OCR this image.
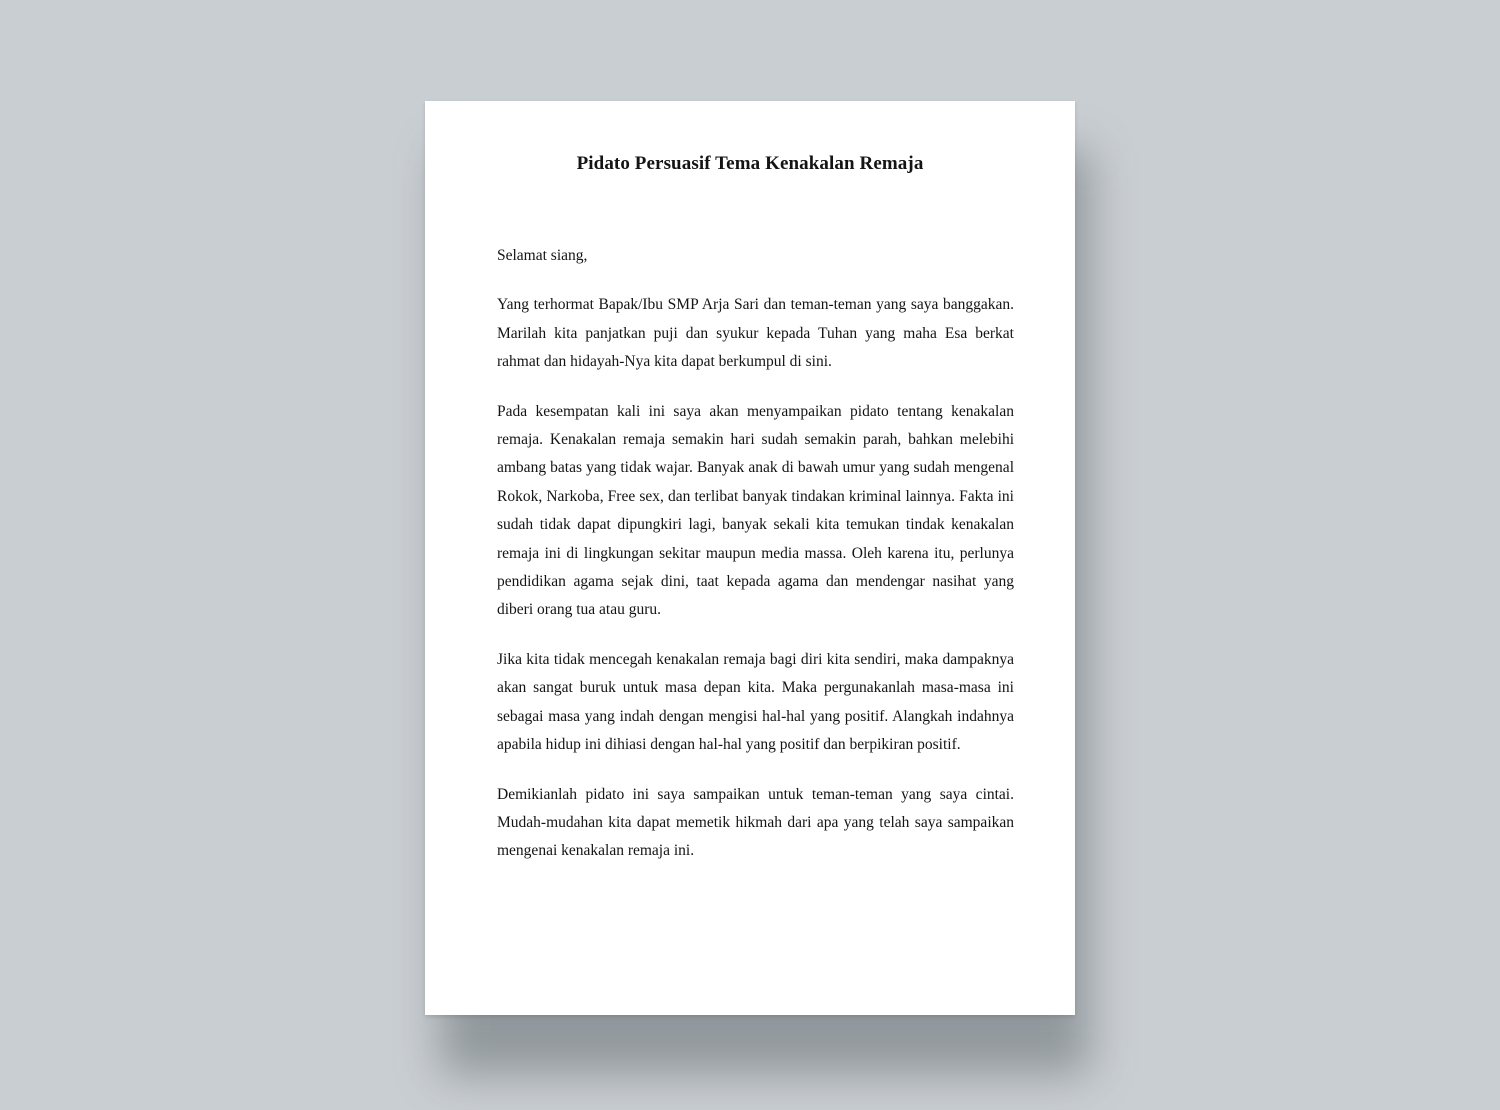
Pidato Persuasif Tema Kenakalan Remaja

Selamat siang,

Yang terhormat Bapak/Ibu SMP Arja Sari dan teman-teman yang saya banggakan. Marilah kita panjatkan puji dan syukur kepada Tuhan yang maha Esa berkat rahmat dan hidayah-Nya kita dapat berkumpul di sini.

Pada kesempatan kali ini saya akan menyampaikan pidato tentang kenakalan remaja. Kenakalan remaja semakin hari sudah semakin parah, bahkan melebihi ambang batas yang tidak wajar. Banyak anak di bawah umur yang sudah mengenal Rokok, Narkoba, Free sex, dan terlibat banyak tindakan kriminal lainnya. Fakta ini sudah tidak dapat dipungkiri lagi, banyak sekali kita temukan tindak kenakalan remaja ini di lingkungan sekitar maupun media massa. Oleh karena itu, perlunya pendidikan agama sejak dini, taat kepada agama dan mendengar nasihat yang diberi orang tua atau guru.

Jika kita tidak mencegah kenakalan remaja bagi diri kita sendiri, maka dampaknya akan sangat buruk untuk masa depan kita. Maka pergunakanlah masa-masa ini sebagai masa yang indah dengan mengisi hal-hal yang positif. Alangkah indahnya apabila hidup ini dihiasi dengan hal-hal yang positif dan berpikiran positif.

Demikianlah pidato ini saya sampaikan untuk teman-teman yang saya cintai. Mudah-mudahan kita dapat memetik hikmah dari apa yang telah saya sampaikan mengenai kenakalan remaja ini.
